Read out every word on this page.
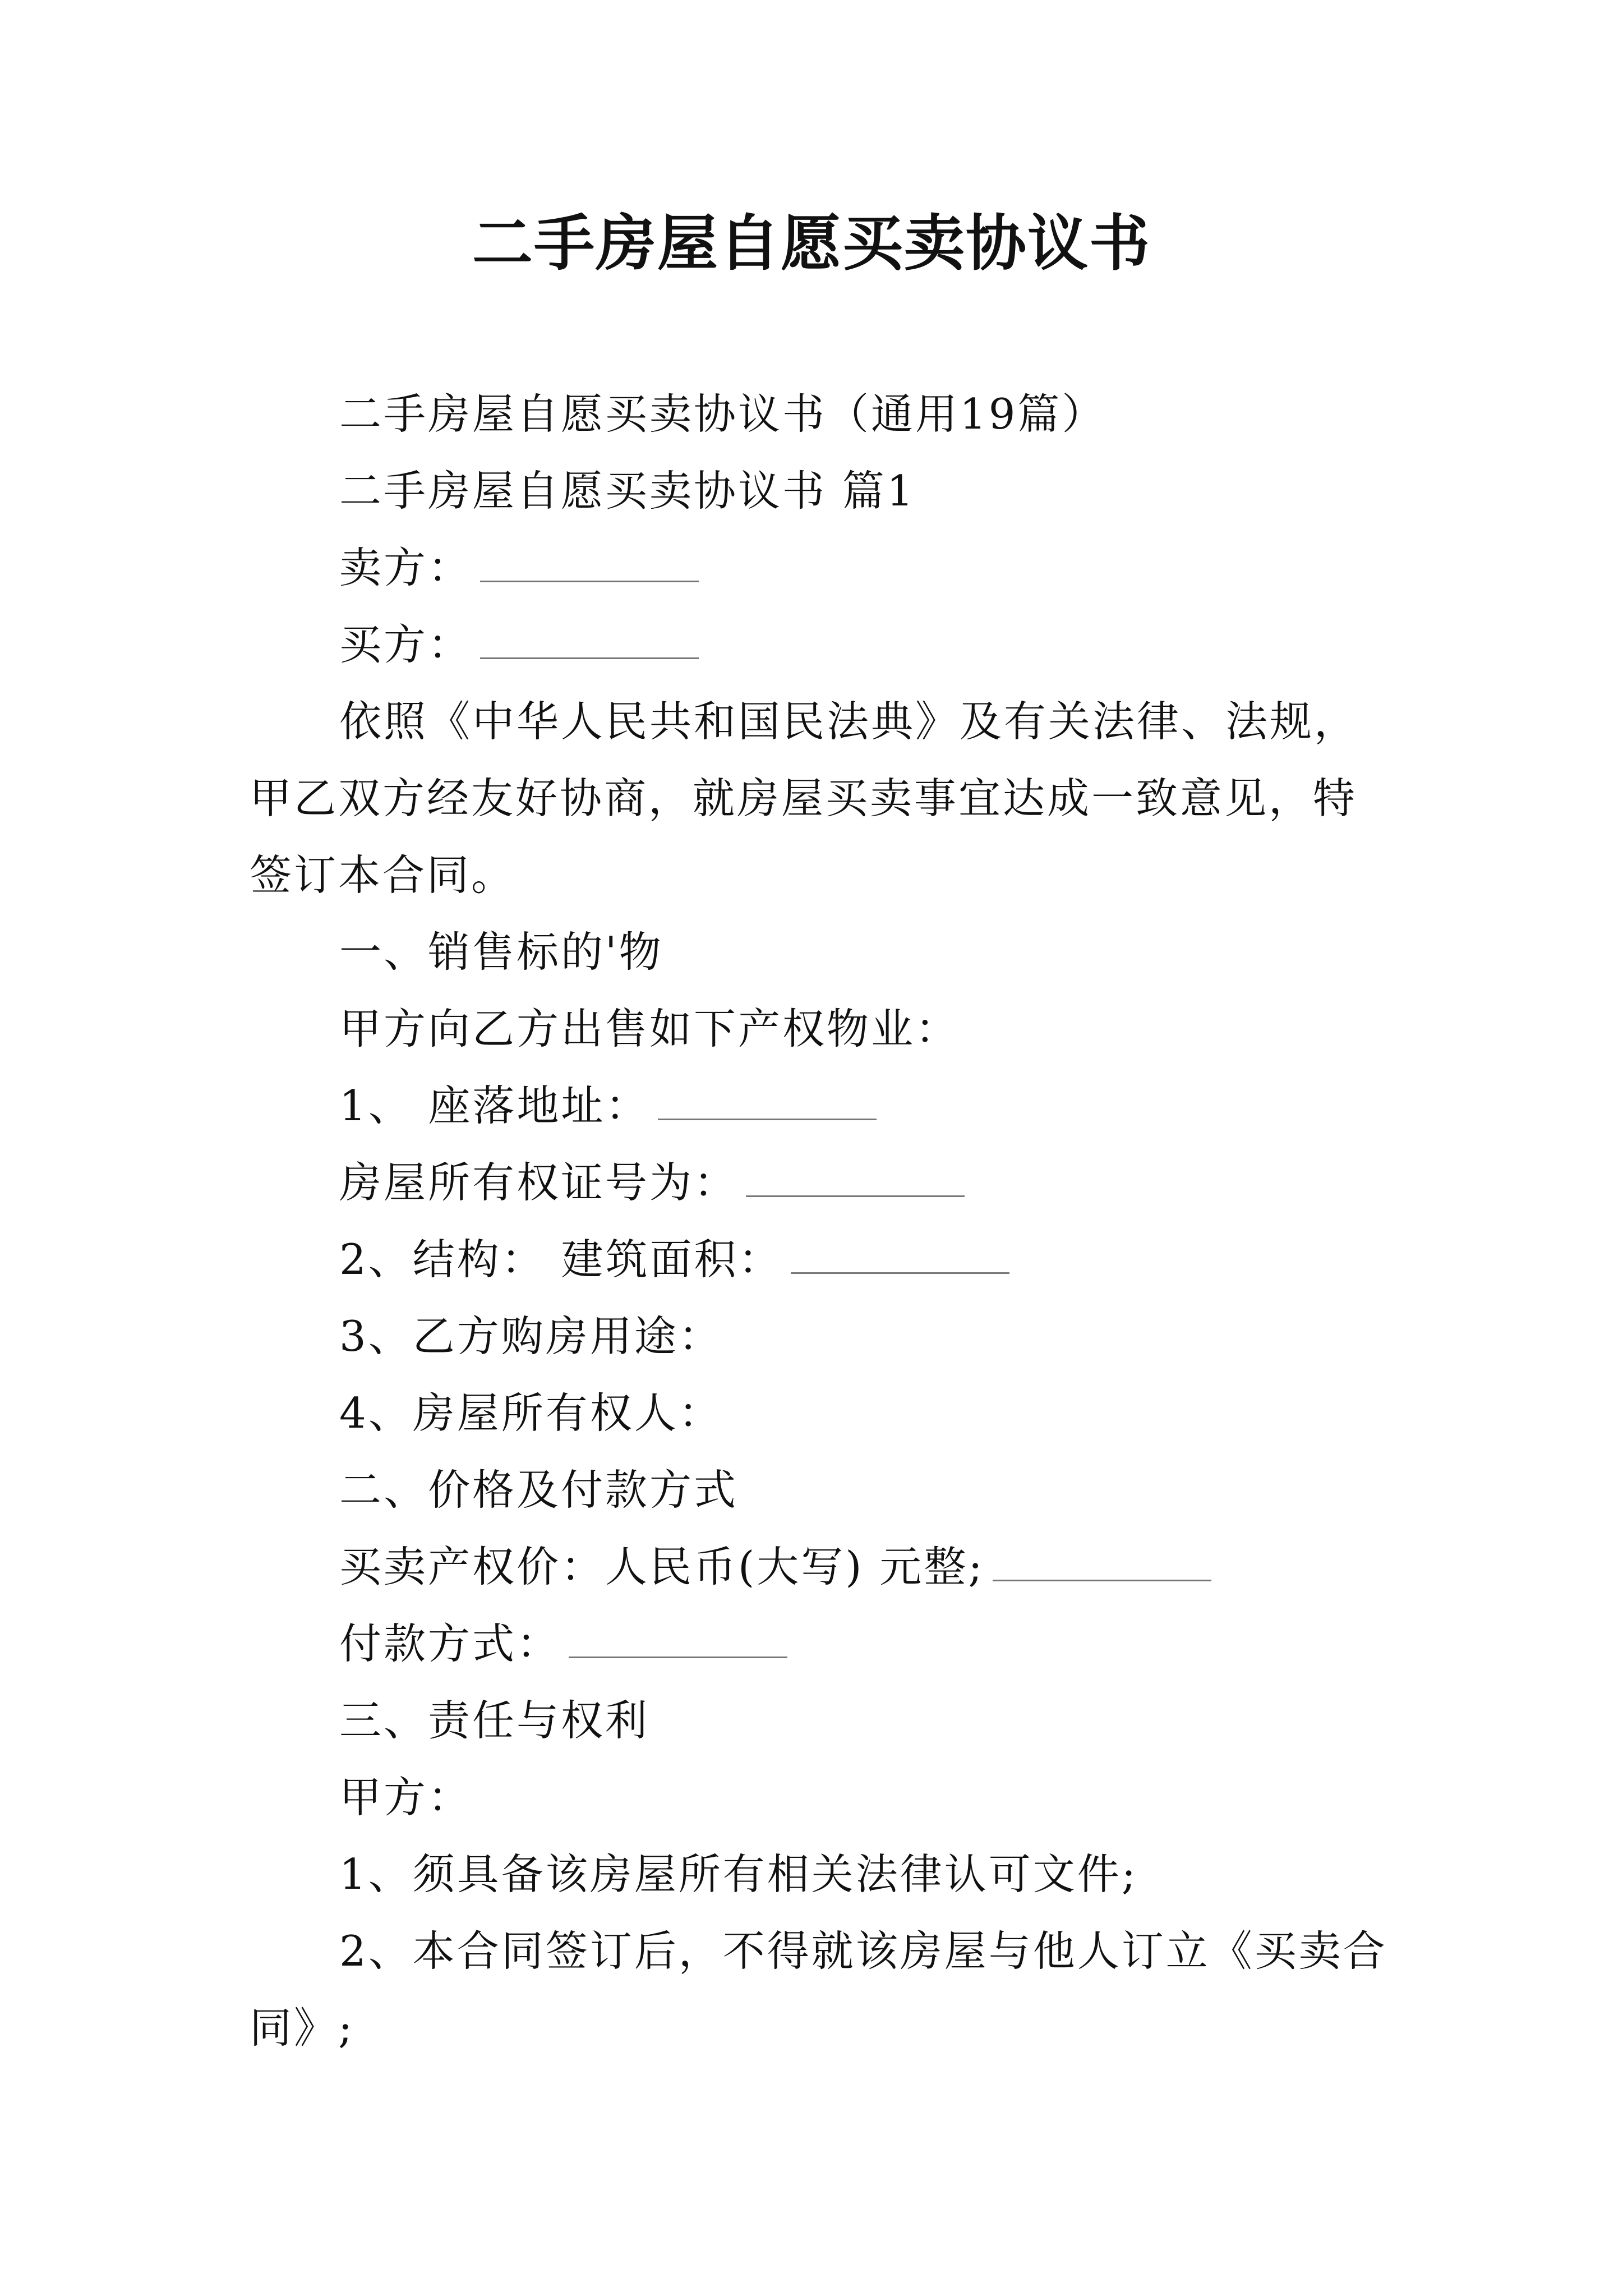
二手房屋自愿买卖协议书

二手房屋自愿买卖协议书（通用19篇）

二手房屋自愿买卖协议书 篇1

卖方：

买方：

依照《中华人民共和国民法典》及有关法律、法规，甲乙双方经友好协商，就房屋买卖事宜达成一致意见，特签订本合同。

一、销售标的'物

甲方向乙方出售如下产权物业：

1、 座落地址：

房屋所有权证号为：

2、结构： 建筑面积：

3、乙方购房用途：

4、房屋所有权人：

二、价格及付款方式

买卖产权价：人民币(大写) 元整;

付款方式：

三、责任与权利

甲方：

1、须具备该房屋所有相关法律认可文件;

2、本合同签订后，不得就该房屋与他人订立《买卖合同》;
